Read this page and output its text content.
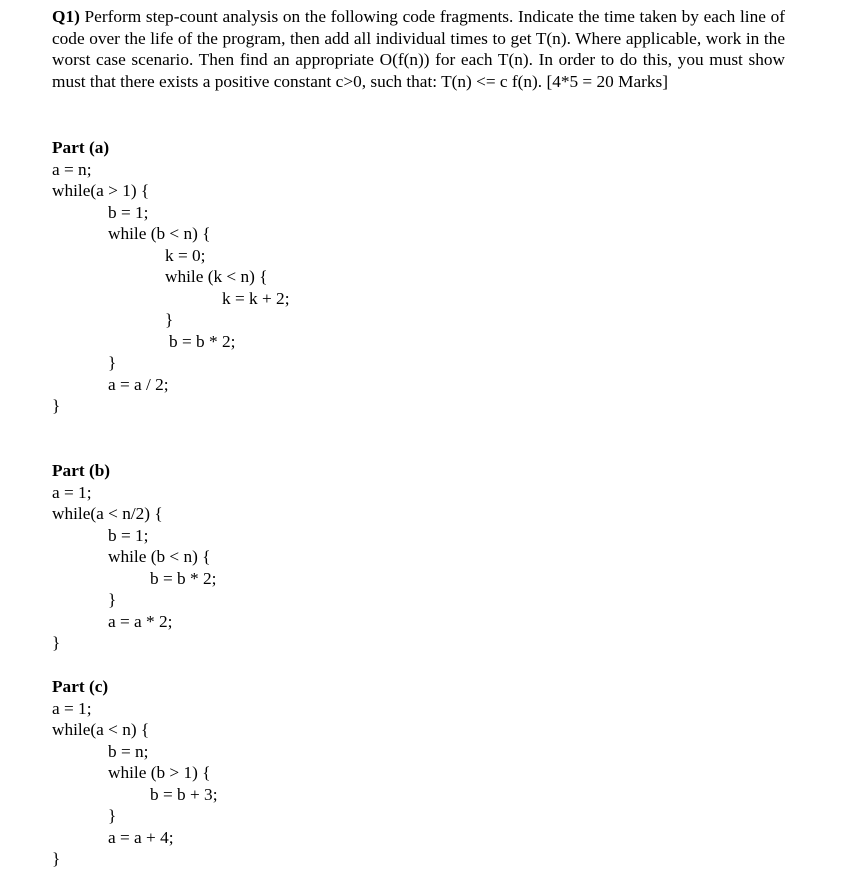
Q1) Perform step-count analysis on the following code fragments. Indicate the time taken by each line of code over the life of the program, then add all individual times to get T(n). Where applicable, work in the worst case scenario. Then find an appropriate O(f(n)) for each T(n). In order to do this, you must show must that there exists a positive constant c>0, such that: T(n) <= c f(n). [4*5 = 20 Marks]

Part (a)
a = n;
while(a > 1) {
b = 1;
while (b < n) {
k = 0;
while (k < n) {
k = k + 2;
}
b = b * 2;
}
a = a / 2;
}
Part (b)
a = 1;
while(a < n/2) {
b = 1;
while (b < n) {
b = b * 2;
}
a = a * 2;
}
Part (c)
a = 1;
while(a < n) {
b = n;
while (b > 1) {
b = b + 3;
}
a = a + 4;
}
